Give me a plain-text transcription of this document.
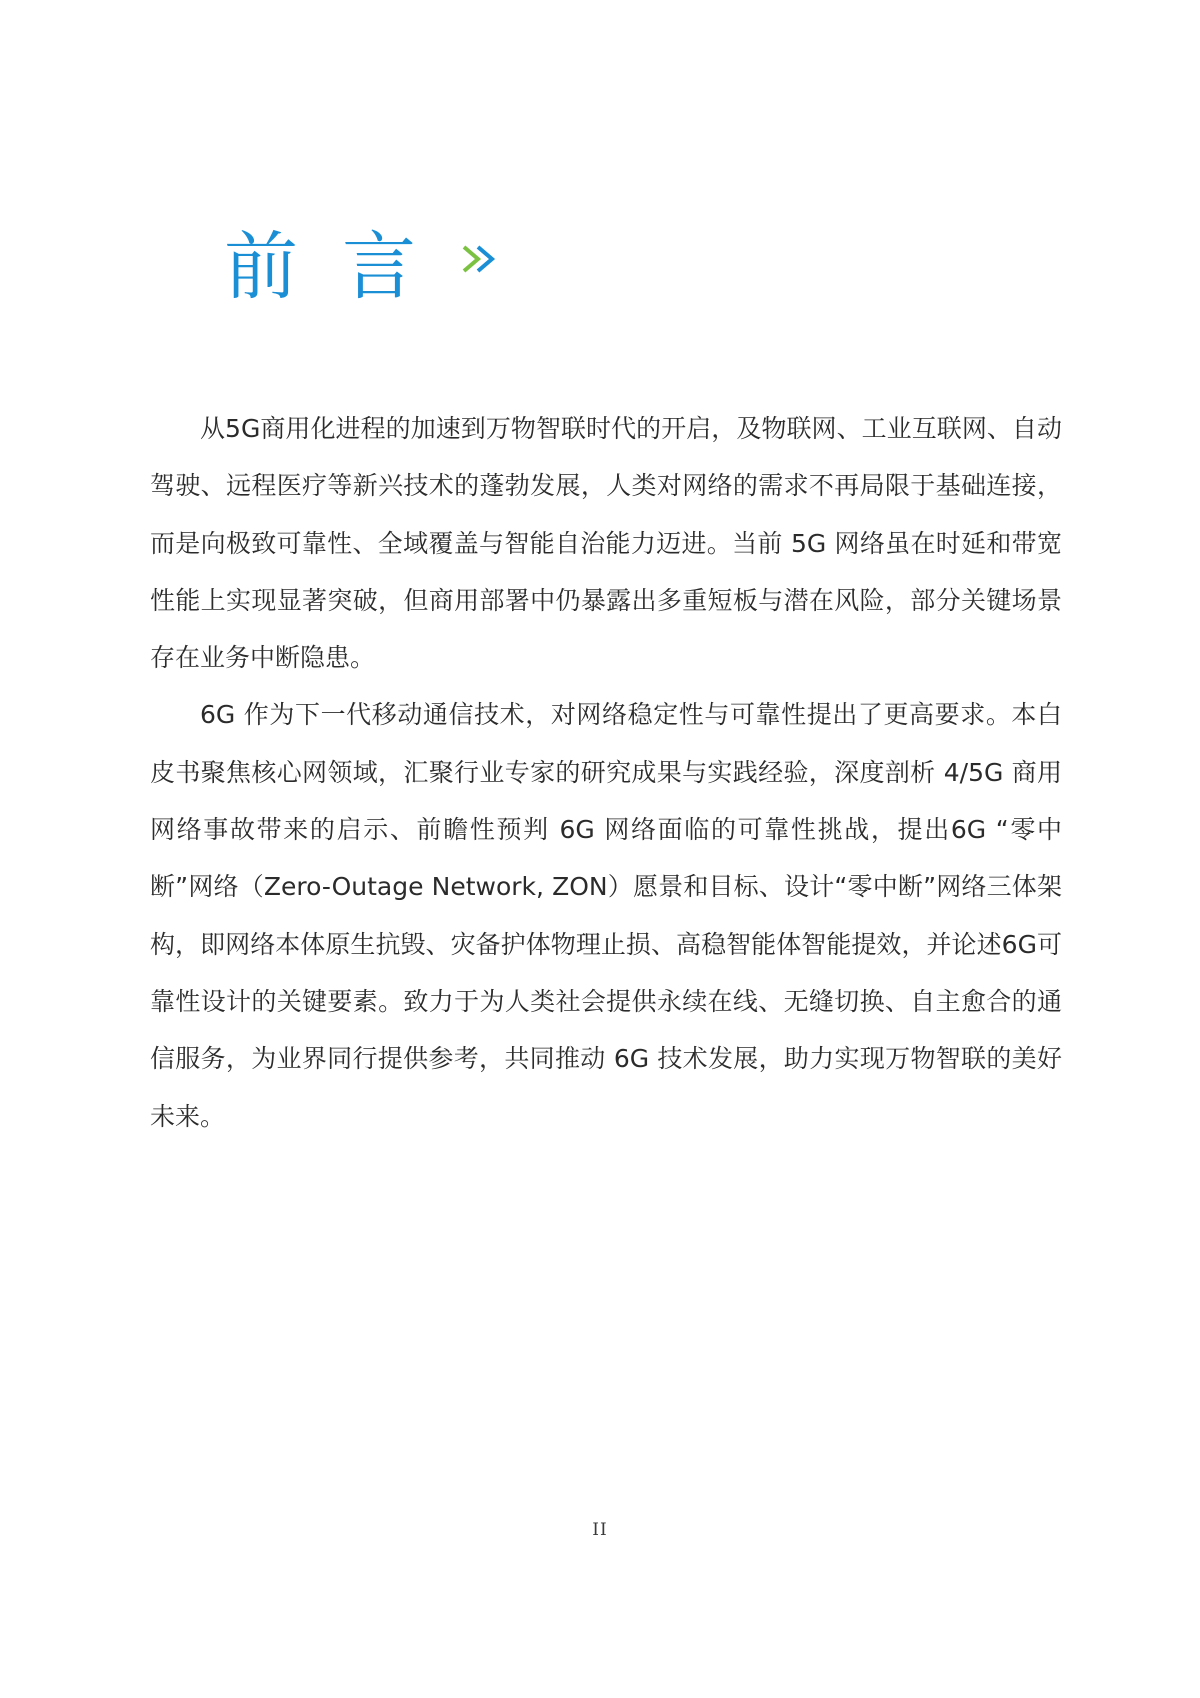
前 言

从5G商用化进程的加速到万物智联时代的开启，及物联网、工业互联网、自动驾驶、远程医疗等新兴技术的蓬勃发展，人类对网络的需求不再局限于基础连接，而是向极致可靠性、全域覆盖与智能自治能力迈进。当前 5G 网络虽在时延和带宽性能上实现显著突破，但商用部署中仍暴露出多重短板与潜在风险，部分关键场景存在业务中断隐患。

6G 作为下一代移动通信技术，对网络稳定性与可靠性提出了更高要求。本白皮书聚焦核心网领域，汇聚行业专家的研究成果与实践经验，深度剖析 4/5G 商用网络事故带来的启示、前瞻性预判 6G 网络面临的可靠性挑战，提出6G “零中断”网络（Zero-Outage Network, ZON）愿景和目标、设计“零中断”网络三体架构，即网络本体原生抗毁、灾备护体物理止损、高稳智能体智能提效，并论述6G可靠性设计的关键要素。致力于为人类社会提供永续在线、无缝切换、自主愈合的通信服务，为业界同行提供参考，共同推动 6G 技术发展，助力实现万物智联的美好未来。

II
